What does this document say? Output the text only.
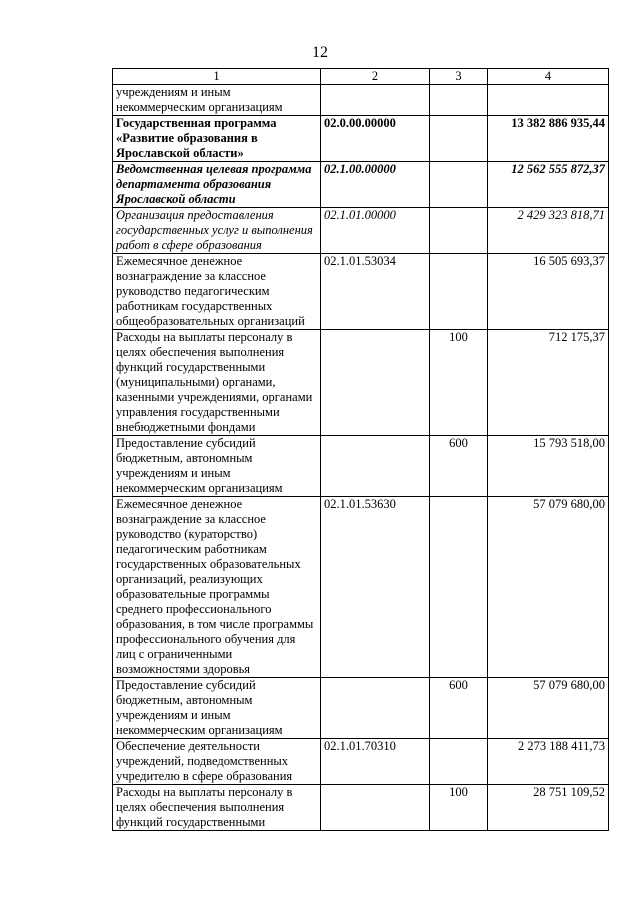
12
1	2	3	4
учреждениям и иным некоммерческим организациям			
Государственная программа «Развитие образования в Ярославской области»	02.0.00.00000		13 382 886 935,44
Ведомственная целевая программа департамента образования Ярославской области	02.1.00.00000		12 562 555 872,37
Организация предоставления государственных услуг и выполнения работ в сфере образования	02.1.01.00000		2 429 323 818,71
Ежемесячное денежное вознаграждение за классное руководство педагогическим работникам государственных общеобразовательных организаций	02.1.01.53034		16 505 693,37
Расходы на выплаты персоналу в целях обеспечения выполнения функций государственными (муниципальными) органами, казенными учреждениями, органами управления государственными внебюджетными фондами		100	712 175,37
Предоставление субсидий бюджетным, автономным учреждениям и иным некоммерческим организациям		600	15 793 518,00
Ежемесячное денежное вознаграждение за классное руководство (кураторство) педагогическим работникам государственных образовательных организаций, реализующих образовательные программы среднего профессионального образования, в том числе программы профессионального обучения для лиц с ограниченными возможностями здоровья	02.1.01.53630		57 079 680,00
Предоставление субсидий бюджетным, автономным учреждениям и иным некоммерческим организациям		600	57 079 680,00
Обеспечение деятельности учреждений, подведомственных учредителю в сфере образования	02.1.01.70310		2 273 188 411,73
Расходы на выплаты персоналу в целях обеспечения выполнения функций государственными		100	28 751 109,52
